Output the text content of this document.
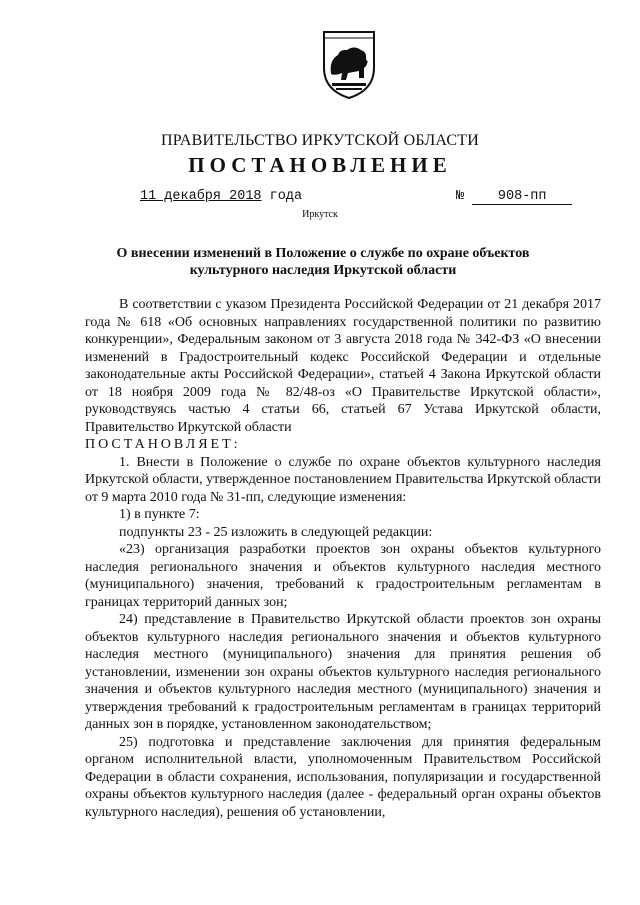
ПРАВИТЕЛЬСТВО ИРКУТСКОЙ ОБЛАСТИ
ПОСТАНОВЛЕНИЕ
11 декабря 2018 года	№	908-пп
Иркутск
О внесении изменений в Положение о службе по охране объектов
культурного наследия Иркутской области

В соответствии с указом Президента Российской Федерации от 21 декабря 2017 года № 618 «Об основных направлениях государственной политики по развитию конкуренции», Федеральным законом от 3 августа 2018 года № 342-ФЗ «О внесении изменений в Градостроительный кодекс Российской Федерации и отдельные законодательные акты Российской Федерации», статьей 4 Закона Иркутской области от 18 ноября 2009 года № 82/48-оз «О Правительстве Иркутской области», руководствуясь частью 4 статьи 66, статьей 67 Устава Иркутской области, Правительство Иркутской области

ПОСТАНОВЛЯЕТ:

1. Внести в Положение о службе по охране объектов культурного наследия Иркутской области, утвержденное постановлением Правительства Иркутской области от 9 марта 2010 года № 31-пп, следующие изменения:

1) в пункте 7:

подпункты 23 - 25 изложить в следующей редакции:

«23) организация разработки проектов зон охраны объектов культурного наследия регионального значения и объектов культурного наследия местного (муниципального) значения, требований к градостроительным регламентам в границах территорий данных зон;

24) представление в Правительство Иркутской области проектов зон охраны объектов культурного наследия регионального значения и объектов культурного наследия местного (муниципального) значения для принятия решения об установлении, изменении зон охраны объектов культурного наследия регионального значения и объектов культурного наследия местного (муниципального) значения и утверждения требований к градостроительным регламентам в границах территорий данных зон в порядке, установленном законодательством;

25) подготовка и представление заключения для принятия федеральным органом исполнительной власти, уполномоченным Правительством Российской Федерации в области сохранения, использования, популяризации и государственной охраны объектов культурного наследия (далее - федеральный орган охраны объектов культурного наследия), решения об установлении,
